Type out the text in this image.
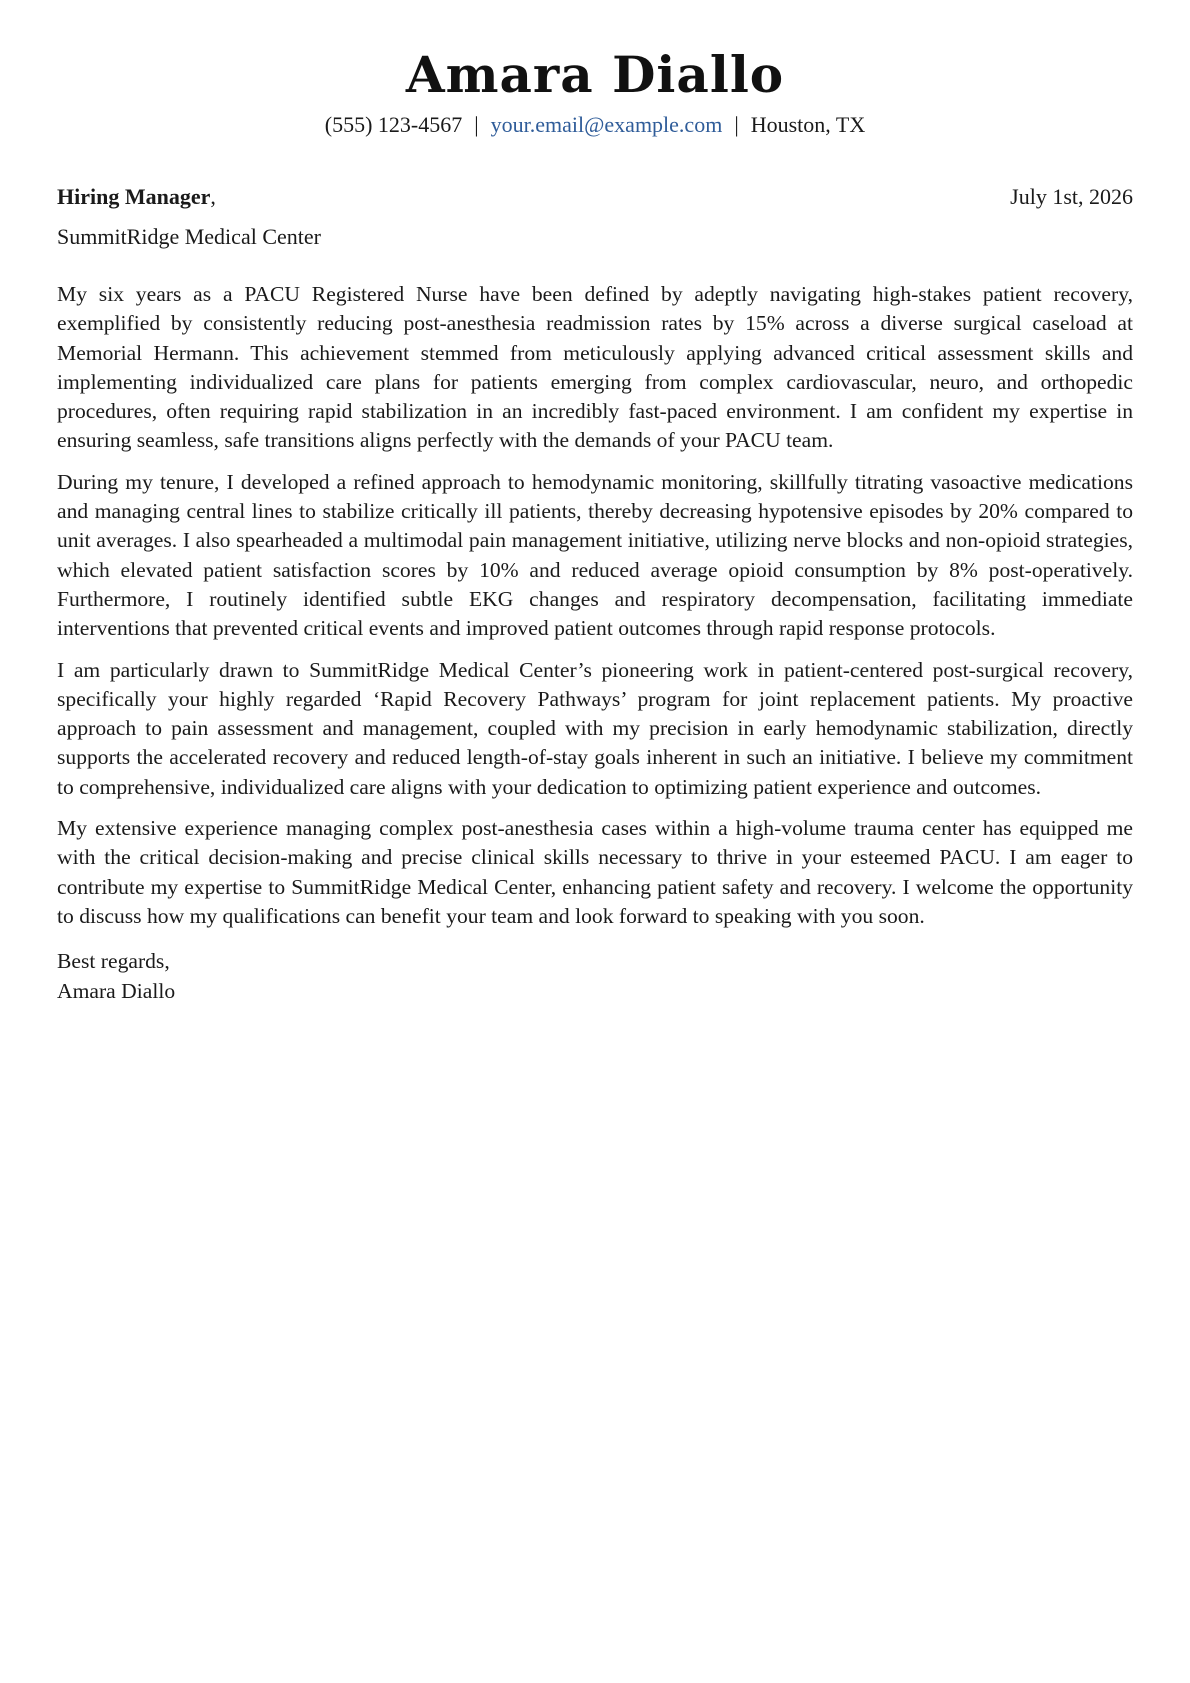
Amara Diallo
(555) 123-4567 | your.email@example.com | Houston, TX
Hiring Manager,	July 1st, 2026
SummitRidge Medical Center

My six years as a PACU Registered Nurse have been defined by adeptly navigating high-stakes patient recovery, exemplified by consistently reducing post-anesthesia readmission rates by 15% across a diverse surgical caseload at Memorial Hermann. This achievement stemmed from meticulously applying advanced critical assessment skills and implementing individualized care plans for patients emerging from complex cardiovascular, neuro, and orthopedic procedures, often requiring rapid stabilization in an incredibly fast-paced environment. I am confident my expertise in ensuring seamless, safe transitions aligns perfectly with the demands of your PACU team.

During my tenure, I developed a refined approach to hemodynamic monitoring, skillfully titrating vasoactive medications and managing central lines to stabilize critically ill patients, thereby decreasing hypotensive episodes by 20% compared to unit averages. I also spearheaded a multimodal pain management initiative, utilizing nerve blocks and non-opioid strategies, which elevated patient satisfaction scores by 10% and reduced average opioid consumption by 8% post-operatively. Furthermore, I routinely identified subtle EKG changes and respiratory decompensation, facilitating immediate interventions that prevented critical events and improved patient outcomes through rapid response protocols.

I am particularly drawn to SummitRidge Medical Center’s pioneering work in patient-centered post-surgical recovery, specifically your highly regarded ‘Rapid Recovery Pathways’ program for joint replacement patients. My proactive approach to pain assessment and management, coupled with my precision in early hemodynamic stabilization, directly supports the accelerated recovery and reduced length-of-stay goals inherent in such an initiative. I believe my commitment to comprehensive, individualized care aligns with your dedication to optimizing patient experience and outcomes.

My extensive experience managing complex post-anesthesia cases within a high-volume trauma center has equipped me with the critical decision-making and precise clinical skills necessary to thrive in your esteemed PACU. I am eager to contribute my expertise to SummitRidge Medical Center, enhancing patient safety and recovery. I welcome the opportunity to discuss how my qualifications can benefit your team and look forward to speaking with you soon.

Best regards,
Amara Diallo
